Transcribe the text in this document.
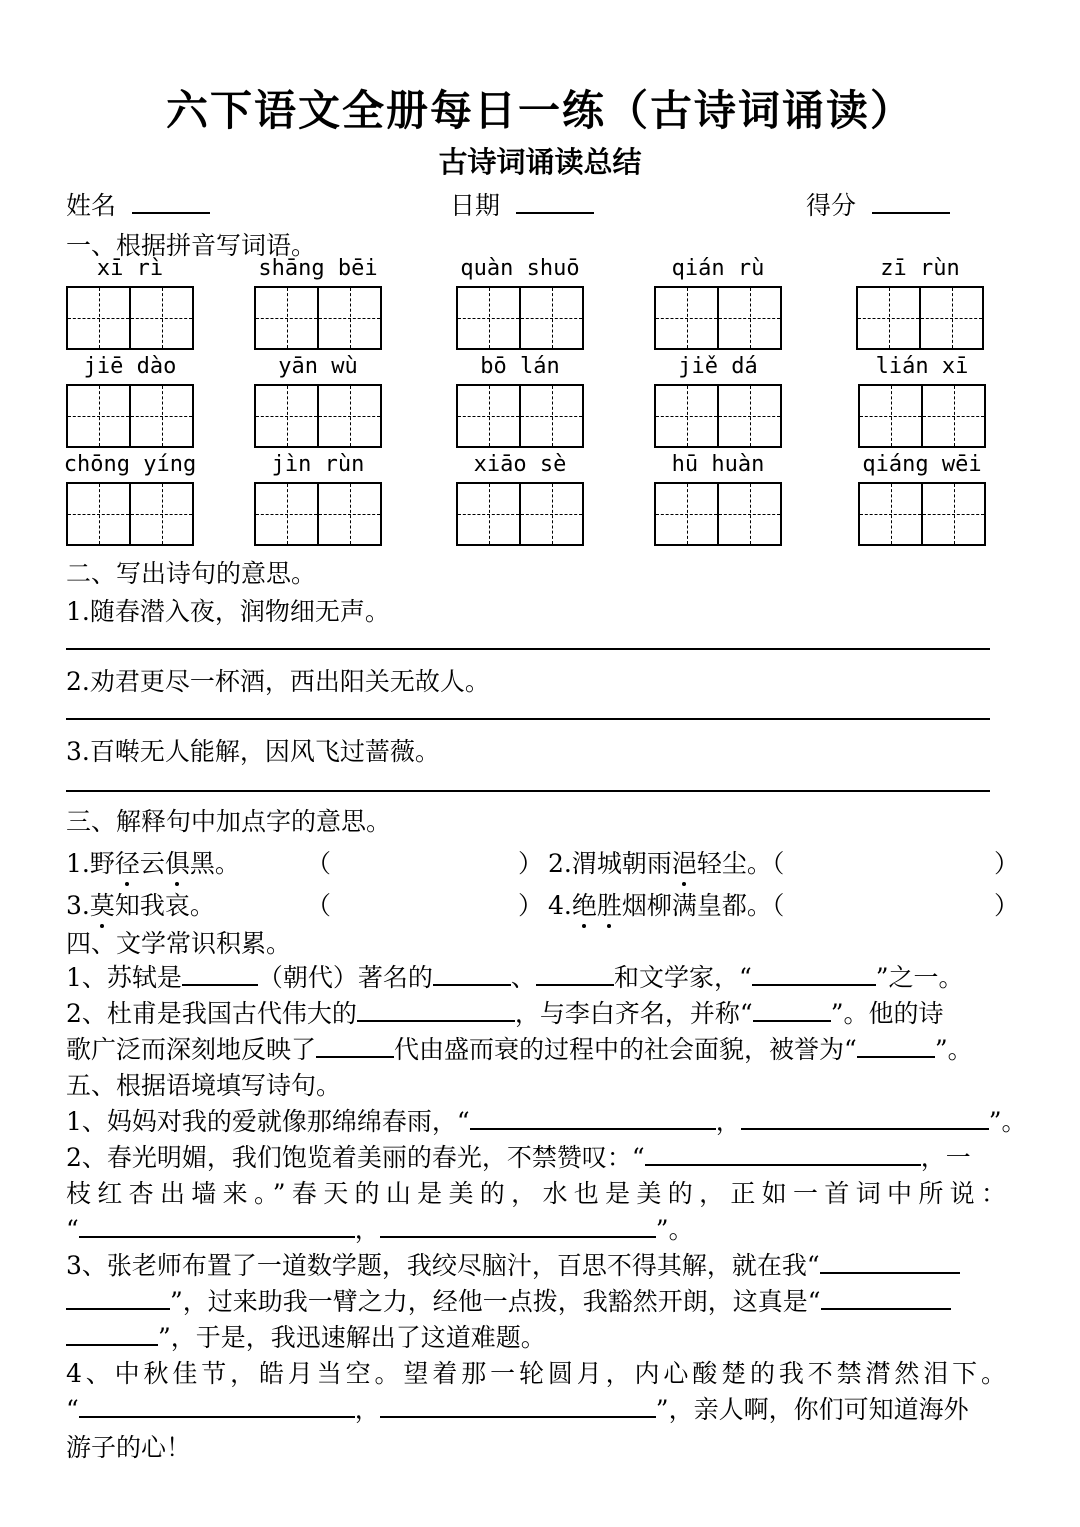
六下语文全册每日一练（古诗词诵读）
古诗词诵读总结
姓名	日期	得分
一、根据拼音写词语。
xī rì	shāng bēi	quàn shuō	qián rù	zī rùn
jiē dào	yān wù	bō lán	jiě dá	lián xī
chōng yíng	jìn rùn	xiāo sè	hū huàn	qiáng wēi
二、写出诗句的意思。
1.随春潜入夜，润物细无声。
2.劝君更尽一杯酒，西出阳关无故人。
3.百啭无人能解，因风飞过蔷薇。
三、解释句中加点字的意思。
1.野径云俱黑。	（	） 2.渭城朝雨浥轻尘。（	）
3.莫知我哀。	（	） 4.绝胜烟柳满皇都。（	）
四、文学常识积累。
1、苏轼是	（朝代）著名的	、	和文学家，“	”之一。
2、杜甫是我国古代伟大的	，与李白齐名，并称“	”。他的诗
歌广泛而深刻地反映了	代由盛而衰的过程中的社会面貌，被誉为“	”。
五、根据语境填写诗句。
1、妈妈对我的爱就像那绵绵春雨，“	，	”。
2、春光明媚，我们饱览着美丽的春光，不禁赞叹：“	，一
枝红杏出墙来。”春天的山是美的，水也是美的，正如一首词中所说：
“	，	”。
3、张老师布置了一道数学题，我绞尽脑汁，百思不得其解，就在我“
”，过来助我一臂之力，经他一点拨，我豁然开朗，这真是“
”，于是，我迅速解出了这道难题。
4、中秋佳节，皓月当空。望着那一轮圆月，内心酸楚的我不禁潸然泪下。
“	，	”，亲人啊，你们可知道海外
游子的心！
